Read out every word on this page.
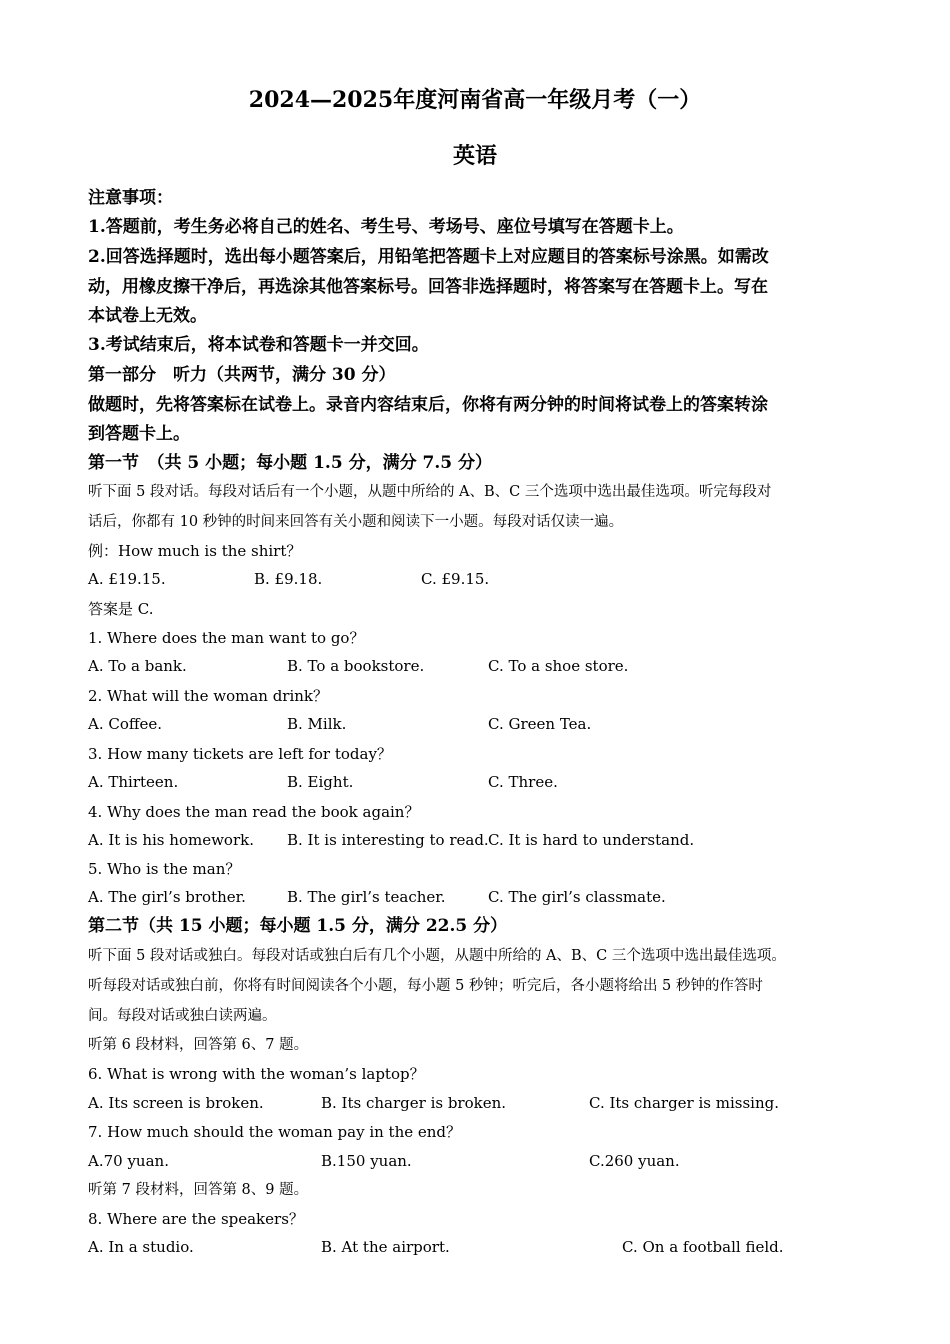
2024—2025年度河南省高一年级月考（一）
英语
注意事项：
1.答题前，考生务必将自己的姓名、考生号、考场号、座位号填写在答题卡上。
2.回答选择题时，选出每小题答案后，用铅笔把答题卡上对应题目的答案标号涂黑。如需改
动，用橡皮擦干净后，再选涂其他答案标号。回答非选择题时，将答案写在答题卡上。写在
本试卷上无效。
3.考试结束后，将本试卷和答题卡一并交回。
第一部分　听力（共两节，满分 30 分）
做题时，先将答案标在试卷上。录音内容结束后，你将有两分钟的时间将试卷上的答案转涂
到答题卡上。
第一节　（共 5 小题；每小题 1.5 分，满分 7.5 分）
听下面 5 段对话。每段对话后有一个小题，从题中所给的 A、B、C 三个选项中选出最佳选项。听完每段对
话后，你都有 10 秒钟的时间来回答有关小题和阅读下一小题。每段对话仅读一遍。
例：How much is the shirt？
A. £19.15.	B. £9.18.	C. £9.15.
答案是 C.
1. Where does the man want to go？
A. To a bank.	B. To a bookstore.	C. To a shoe store.
2. What will the woman drink？
A. Coffee.	B. Milk.	C. Green Tea.
3. How many tickets are left for today？
A. Thirteen.	B. Eight.	C. Three.
4. Why does the man read the book again？
A. It is his homework. B. It is interesting to read. C. It is hard to understand.
5. Who is the man？
A. The girl’s brother.	B. The girl’s teacher.	C. The girl’s classmate.
第二节（共 15 小题；每小题 1.5 分，满分 22.5 分）
听下面 5 段对话或独白。每段对话或独白后有几个小题，从题中所给的 A、B、C 三个选项中选出最佳选项。
听每段对话或独白前，你将有时间阅读各个小题，每小题 5 秒钟；听完后，各小题将给出 5 秒钟的作答时
间。每段对话或独白读两遍。
听第 6 段材料，回答第 6、7 题。
6. What is wrong with the woman’s laptop？
A. Its screen is broken.	B. Its charger is broken.	C. Its charger is missing.
7. How much should the woman pay in the end？
A.70 yuan.	B.150 yuan.	C.260 yuan.
听第 7 段材料，回答第 8、9 题。
8. Where are the speakers？
A. In a studio.	B. At the airport.	C. On a football field.
